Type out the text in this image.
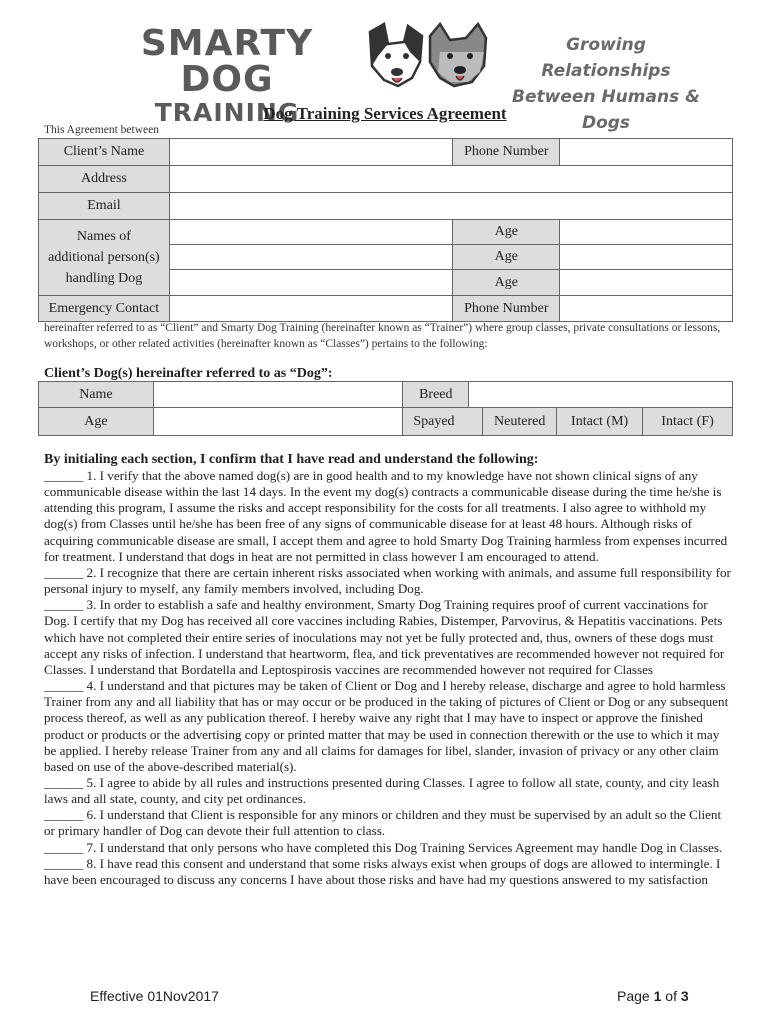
SMARTY DOG
TRAINING
Growing Relationships
Between Humans & Dogs
Dog Training Services Agreement
This Agreement between
Client’s Name		Phone Number	
Address			
Email			

Names of
additional person(s)
handling Dog		Age	
		Age	
		Age	
Emergency Contact		Phone Number	
hereinafter referred to as “Client” and Smarty Dog Training (hereinafter known as “Trainer”) where group classes, private consultations or lessons, workshops, or other related activities (hereinafter known as “Classes”) pertains to the following:
Client’s Dog(s) hereinafter referred to as “Dog”:
Name		Breed				
Age		Spayed		Neutered	Intact (M)	Intact (F)
By initialing each section, I confirm that I have read and understand the following:

______ 1. I verify that the above named dog(s) are in good health and to my knowledge have not shown clinical signs of any communicable disease within the last 14 days. In the event my dog(s) contracts a communicable disease during the time he/she is attending this program, I assume the risks and accept responsibility for the costs for all treatments. I also agree to withhold my dog(s) from Classes until he/she has been free of any signs of communicable disease for at least 48 hours. Although risks of acquiring communicable disease are small, I accept them and agree to hold Smarty Dog Training harmless from expenses incurred for treatment. I understand that dogs in heat are not permitted in class however I am encouraged to attend.

______ 2. I recognize that there are certain inherent risks associated when working with animals, and assume full responsibility for personal injury to myself, any family members involved, including Dog.

______ 3. In order to establish a safe and healthy environment, Smarty Dog Training requires proof of current vaccinations for Dog. I certify that my Dog has received all core vaccines including Rabies, Distemper, Parvovirus, & Hepatitis vaccinations. Pets which have not completed their entire series of inoculations may not yet be fully protected and, thus, owners of these dogs must accept any risks of infection. I understand that heartworm, flea, and tick preventatives are recommended however not required for Classes. I understand that Bordatella and Leptospirosis vaccines are recommended however not required for Classes

______ 4. I understand and that pictures may be taken of Client or Dog and I hereby release, discharge and agree to hold harmless Trainer from any and all liability that has or may occur or be produced in the taking of pictures of Client or Dog or any subsequent process thereof, as well as any publication thereof. I hereby waive any right that I may have to inspect or approve the finished product or products or the advertising copy or printed matter that may be used in connection therewith or the use to which it may be applied. I hereby release Trainer from any and all claims for damages for libel, slander, invasion of privacy or any other claim based on use of the above-described material(s).

______ 5. I agree to abide by all rules and instructions presented during Classes. I agree to follow all state, county, and city leash laws and all state, county, and city pet ordinances.

______ 6. I understand that Client is responsible for any minors or children and they must be supervised by an adult so the Client or primary handler of Dog can devote their full attention to class.

______ 7. I understand that only persons who have completed this Dog Training Services Agreement may handle Dog in Classes.

______ 8. I have read this consent and understand that some risks always exist when groups of dogs are allowed to intermingle. I have been encouraged to discuss any concerns I have about those risks and have had my questions answered to my satisfaction

Effective 01Nov2017	Page 1 of 3
